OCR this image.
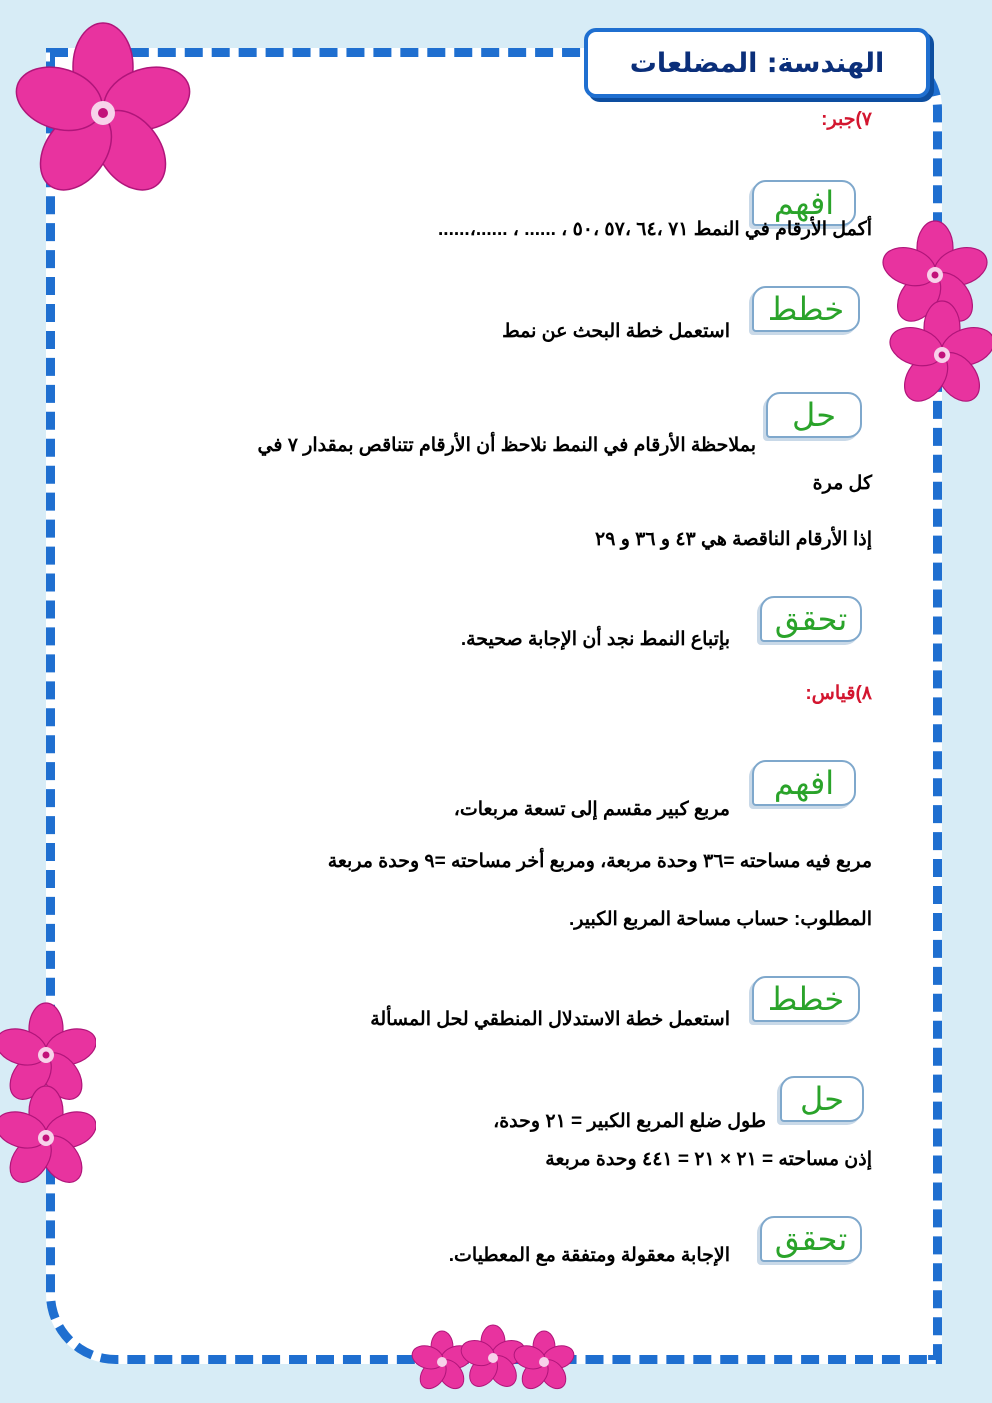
الهندسة: المضلعات
٧)جبر:
افهم
أكمل الأرقام في النمط ٧١ ،٦٤ ،٥٧ ،٥٠ ، ...... ، ......،......
خطط
استعمل خطة البحث عن نمط
حل
بملاحظة الأرقام في النمط نلاحظ أن الأرقام تتناقص بمقدار ٧ في
كل مرة
إذا الأرقام الناقصة هي ٤٣ و ٣٦ و ٢٩
تحقق
بإتباع النمط نجد أن الإجابة صحيحة.
٨)قياس:
افهم
مربع كبير مقسم إلى تسعة مربعات،
مربع فيه مساحته =٣٦ وحدة مربعة، ومربع أخر مساحته =٩ وحدة مربعة
المطلوب: حساب مساحة المربع الكبير.
خطط
استعمل خطة الاستدلال المنطقي لحل المسألة
حل
طول ضلع المربع الكبير = ٢١ وحدة،
إذن مساحته = ٢١ × ٢١ = ٤٤١ وحدة مربعة
تحقق
الإجابة معقولة ومتفقة مع المعطيات.
